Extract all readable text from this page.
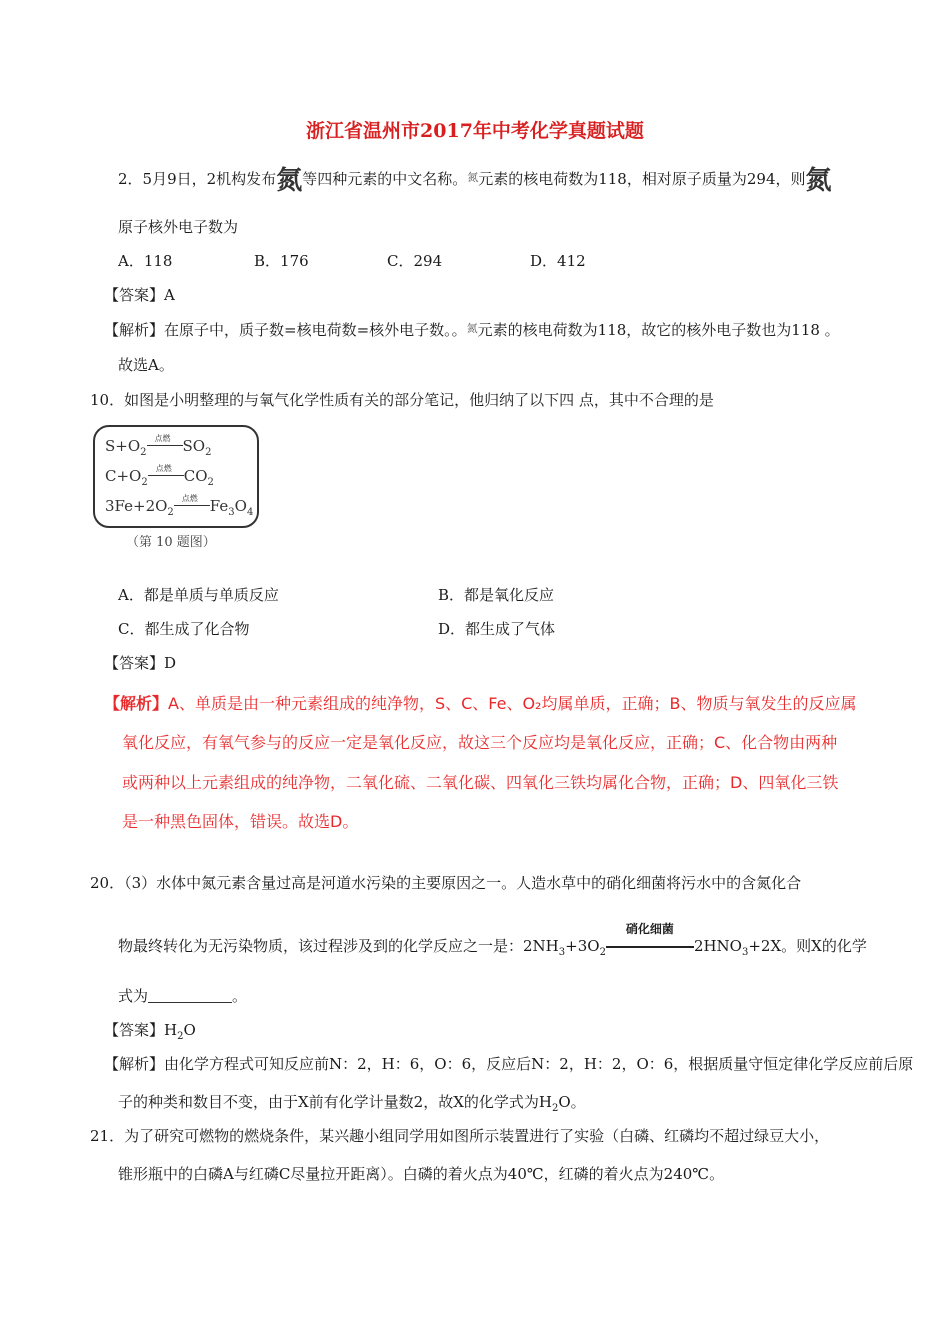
浙江省温州市2017年中考化学真题试题
2．5月9日，2机构发布氮等四种元素的中文名称。$^氮$元素的核电荷数为118，相对原子质量为294，则氮
原子核外电子数为
A．118	B．176	C．294	D．412
【答案】A
【解析】在原子中，质子数=核电荷数=核外电子数。。$^氮$元素的核电荷数为118，故它的核外电子数也为118 。
故选A。
10．如图是小明整理的与氧气化学性质有关的部分笔记，他归纳了以下四 点，其中不合理的是
$S+O_2$
点燃 $SO_2$
$C+O_2$
点燃 $CO_2$
$3Fe+2O_2$
点燃 $Fe_3O_4$
（第 10 题图）
A．都是单质与单质反应	B．都是氧化反应
C．都生成了化合物	D．都生成了气体
【答案】D
【解析】A、单质是由一种元素组成的纯净物，S、C、Fe、O₂均属单质，正确；B、物质与氧发生的反应属
氧化反应，有氧气参与的反应一定是氧化反应，故这三个反应均是氧化反应，正确；C、化合物由两种
或两种以上元素组成的纯净物，二氧化硫、二氧化碳、四氧化三铁均属化合物，正确；D、四氧化三铁
是一种黑色固体，错误。故选D。
20．（3）水体中氮元素含量过高是河道水污染的主要原因之一。人造水草中的硝化细菌将污水中的含氮化合
物最终转化为无污染物质，该过程涉及到的化学反应之一是：$2NH_3+3O_2$
硝化细菌
$2HNO_3+2X$。则X的化学
式为	。
【答案】$H_2O$
【解析】由化学方程式可知反应前N：2，H：6，O：6，反应后N：2，H：2，O：6，根据质量守恒定律化学反应前后原
子的种类和数目不变，由于X前有化学计量数2，故X的化学式为$H_2O$。
21．为了研究可燃物的燃烧条件，某兴趣小组同学用如图所示装置进行了实验（白磷、红磷均不超过绿豆大小，
锥形瓶中的白磷A与红磷C尽量拉开距离）。白磷的着火点为40℃，红磷的着火点为240℃。
